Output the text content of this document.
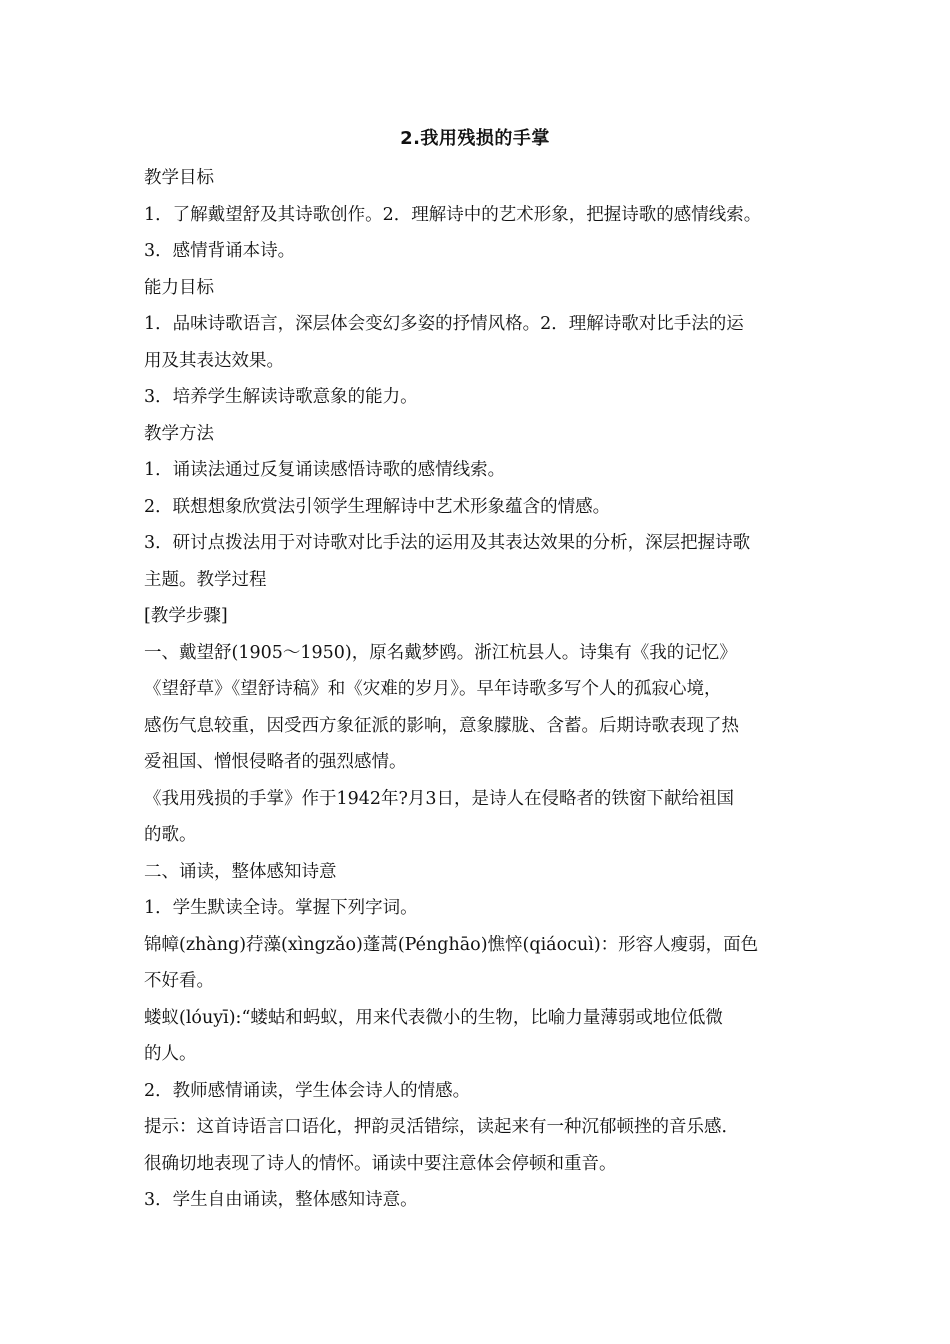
2.我用残损的手掌
教学目标
1．了解戴望舒及其诗歌创作。2．理解诗中的艺术形象，把握诗歌的感情线索。
3．感情背诵本诗。
能力目标
1．品味诗歌语言，深层体会变幻多姿的抒情风格。2．理解诗歌对比手法的运
用及其表达效果。
3．培养学生解读诗歌意象的能力。
教学方法
1．诵读法通过反复诵读感悟诗歌的感情线索。
2．联想想象欣赏法引领学生理解诗中艺术形象蕴含的情感。
3．研讨点拨法用于对诗歌对比手法的运用及其表达效果的分析，深层把握诗歌
主题。教学过程
[教学步骤]
一、戴望舒(1905～1950)，原名戴梦鸥。浙江杭县人。诗集有《我的记忆》
《望舒草》《望舒诗稿》和《灾难的岁月》。早年诗歌多写个人的孤寂心境，
感伤气息较重，因受西方象征派的影响，意象朦胧、含蓄。后期诗歌表现了热
爱祖国、憎恨侵略者的强烈感情。
《我用残损的手掌》作于1942年?月3日，是诗人在侵略者的铁窗下献给祖国
的歌。
二、诵读，整体感知诗意
1．学生默读全诗。掌握下列字词。
锦幛(zhàng)荇藻(xìngzǎo)蓬蒿(Pénghāo)憔悴(qiáocuì)：形容人瘦弱，面色
不好看。
蝼蚁(lóuyī):“蝼蛄和蚂蚁，用来代表微小的生物，比喻力量薄弱或地位低微
的人。
2．教师感情诵读，学生体会诗人的情感。
提示：这首诗语言口语化，押韵灵活错综，读起来有一种沉郁顿挫的音乐感．
很确切地表现了诗人的情怀。诵读中要注意体会停顿和重音。
3．学生自由诵读，整体感知诗意。
